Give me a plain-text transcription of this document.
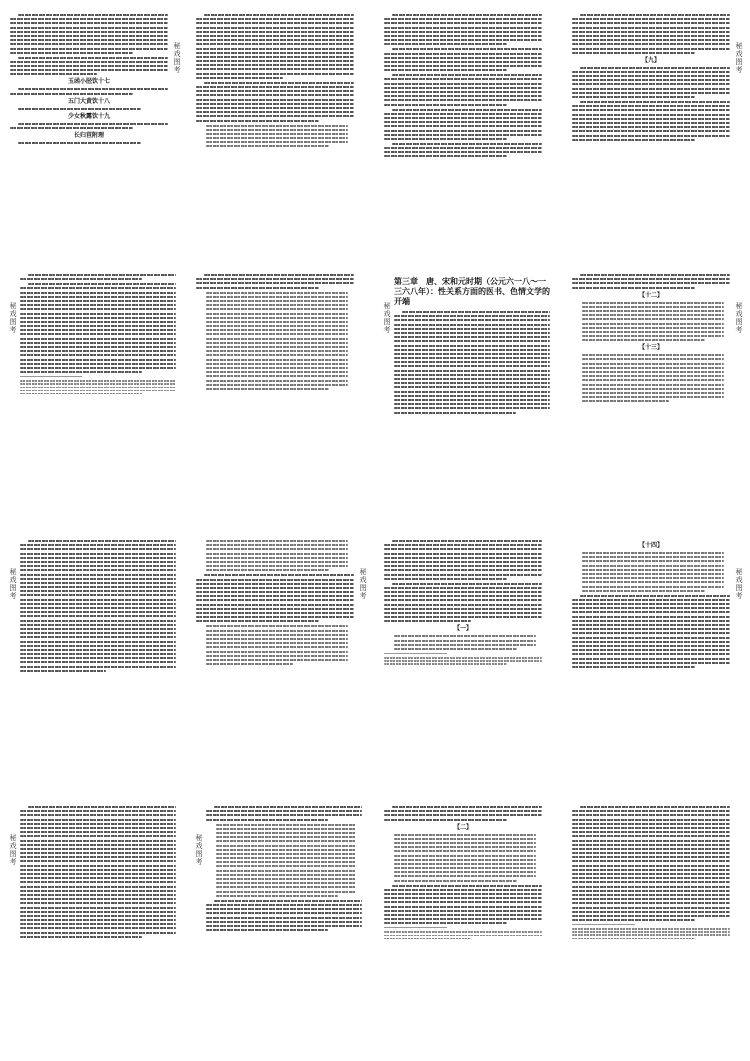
玉函小胫饮十七
五门大黄饮十八
少女秋露饮十九
长归苣附理
秘戏图考	【九】	秘戏图考
秘戏图考
第三章　唐、宋和元时期（公元六一八～一三六八年）：性关系方面的医书、色情文学的开端
秘戏图考
【十二】
【十三】
秘戏图考
秘戏图考	秘戏图考
【一】
【十四】
秘戏图考
秘戏图考	秘戏图考
【二】
